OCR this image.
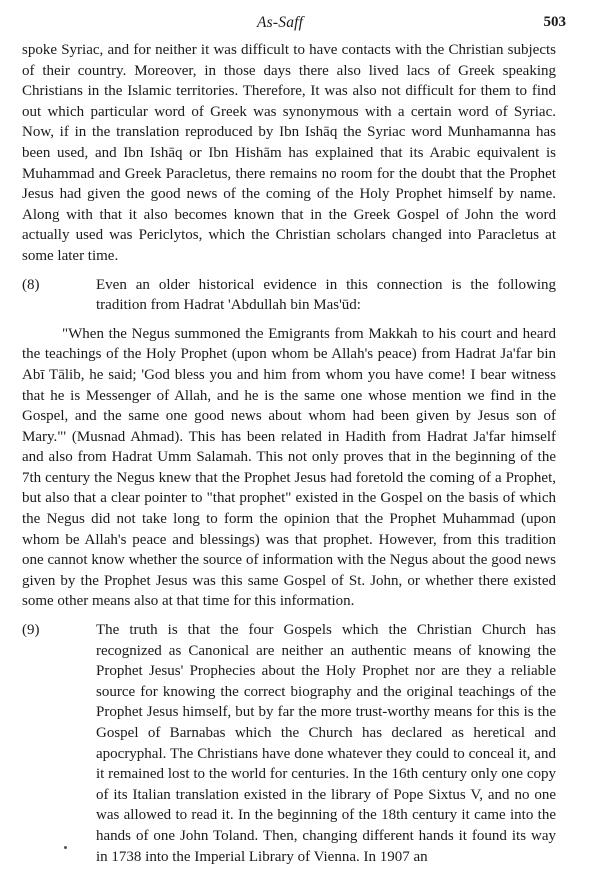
As-Saff	503

spoke Syriac, and for neither it was difficult to have contacts with the Christian subjects of their country. Moreover, in those days there also lived lacs of Greek speaking Christians in the Islamic territories. Therefore, It was also not difficult for them to find out which particular word of Greek was synonymous with a certain word of Syriac. Now, if in the translation reproduced by Ibn Ishāq the Syriac word Munhamanna has been used, and Ibn Ishāq or Ibn Hishām has explained that its Arabic equivalent is Muhammad and Greek Paracletus, there remains no room for the doubt that the Prophet Jesus had given the good news of the coming of the Holy Prophet himself by name. Along with that it also becomes known that in the Greek Gospel of John the word actually used was Periclytos, which the Christian scholars changed into Paracletus at some later time.

(8)	Even an older historical evidence in this connection is the following tradition from Hadrat 'Abdullah bin Mas'ūd:

"When the Negus summoned the Emigrants from Makkah to his court and heard the teachings of the Holy Prophet (upon whom be Allah's peace) from Hadrat Ja'far bin Abī Tālib, he said; 'God bless you and him from whom you have come! I bear witness that he is Messenger of Allah, and he is the same one whose mention we find in the Gospel, and the same one good news about whom had been given by Jesus son of Mary."' (Musnad Ahmad). This has been related in Hadith from Hadrat Ja'far himself and also from Hadrat Umm Salamah. This not only proves that in the beginning of the 7th century the Negus knew that the Prophet Jesus had foretold the coming of a Prophet, but also that a clear pointer to "that prophet" existed in the Gospel on the basis of which the Negus did not take long to form the opinion that the Prophet Muhammad (upon whom be Allah's peace and blessings) was that prophet. However, from this tradition one cannot know whether the source of information with the Negus about the good news given by the Prophet Jesus was this same Gospel of St. John, or whether there existed some other means also at that time for this information.

(9)	The truth is that the four Gospels which the Christian Church has recognized as Canonical are neither an authentic means of knowing the Prophet Jesus' Prophecies about the Holy Prophet nor are they a reliable source for knowing the correct biography and the original teachings of the Prophet Jesus himself, but by far the more trust-worthy means for this is the Gospel of Barnabas which the Church has declared as heretical and apocryphal. The Christians have done whatever they could to conceal it, and it remained lost to the world for centuries. In the 16th century only one copy of its Italian translation existed in the library of Pope Sixtus V, and no one was allowed to read it. In the beginning of the 18th century it came into the hands of one John Toland. Then, changing different hands it found its way in 1738 into the Imperial Library of Vienna. In 1907 an
